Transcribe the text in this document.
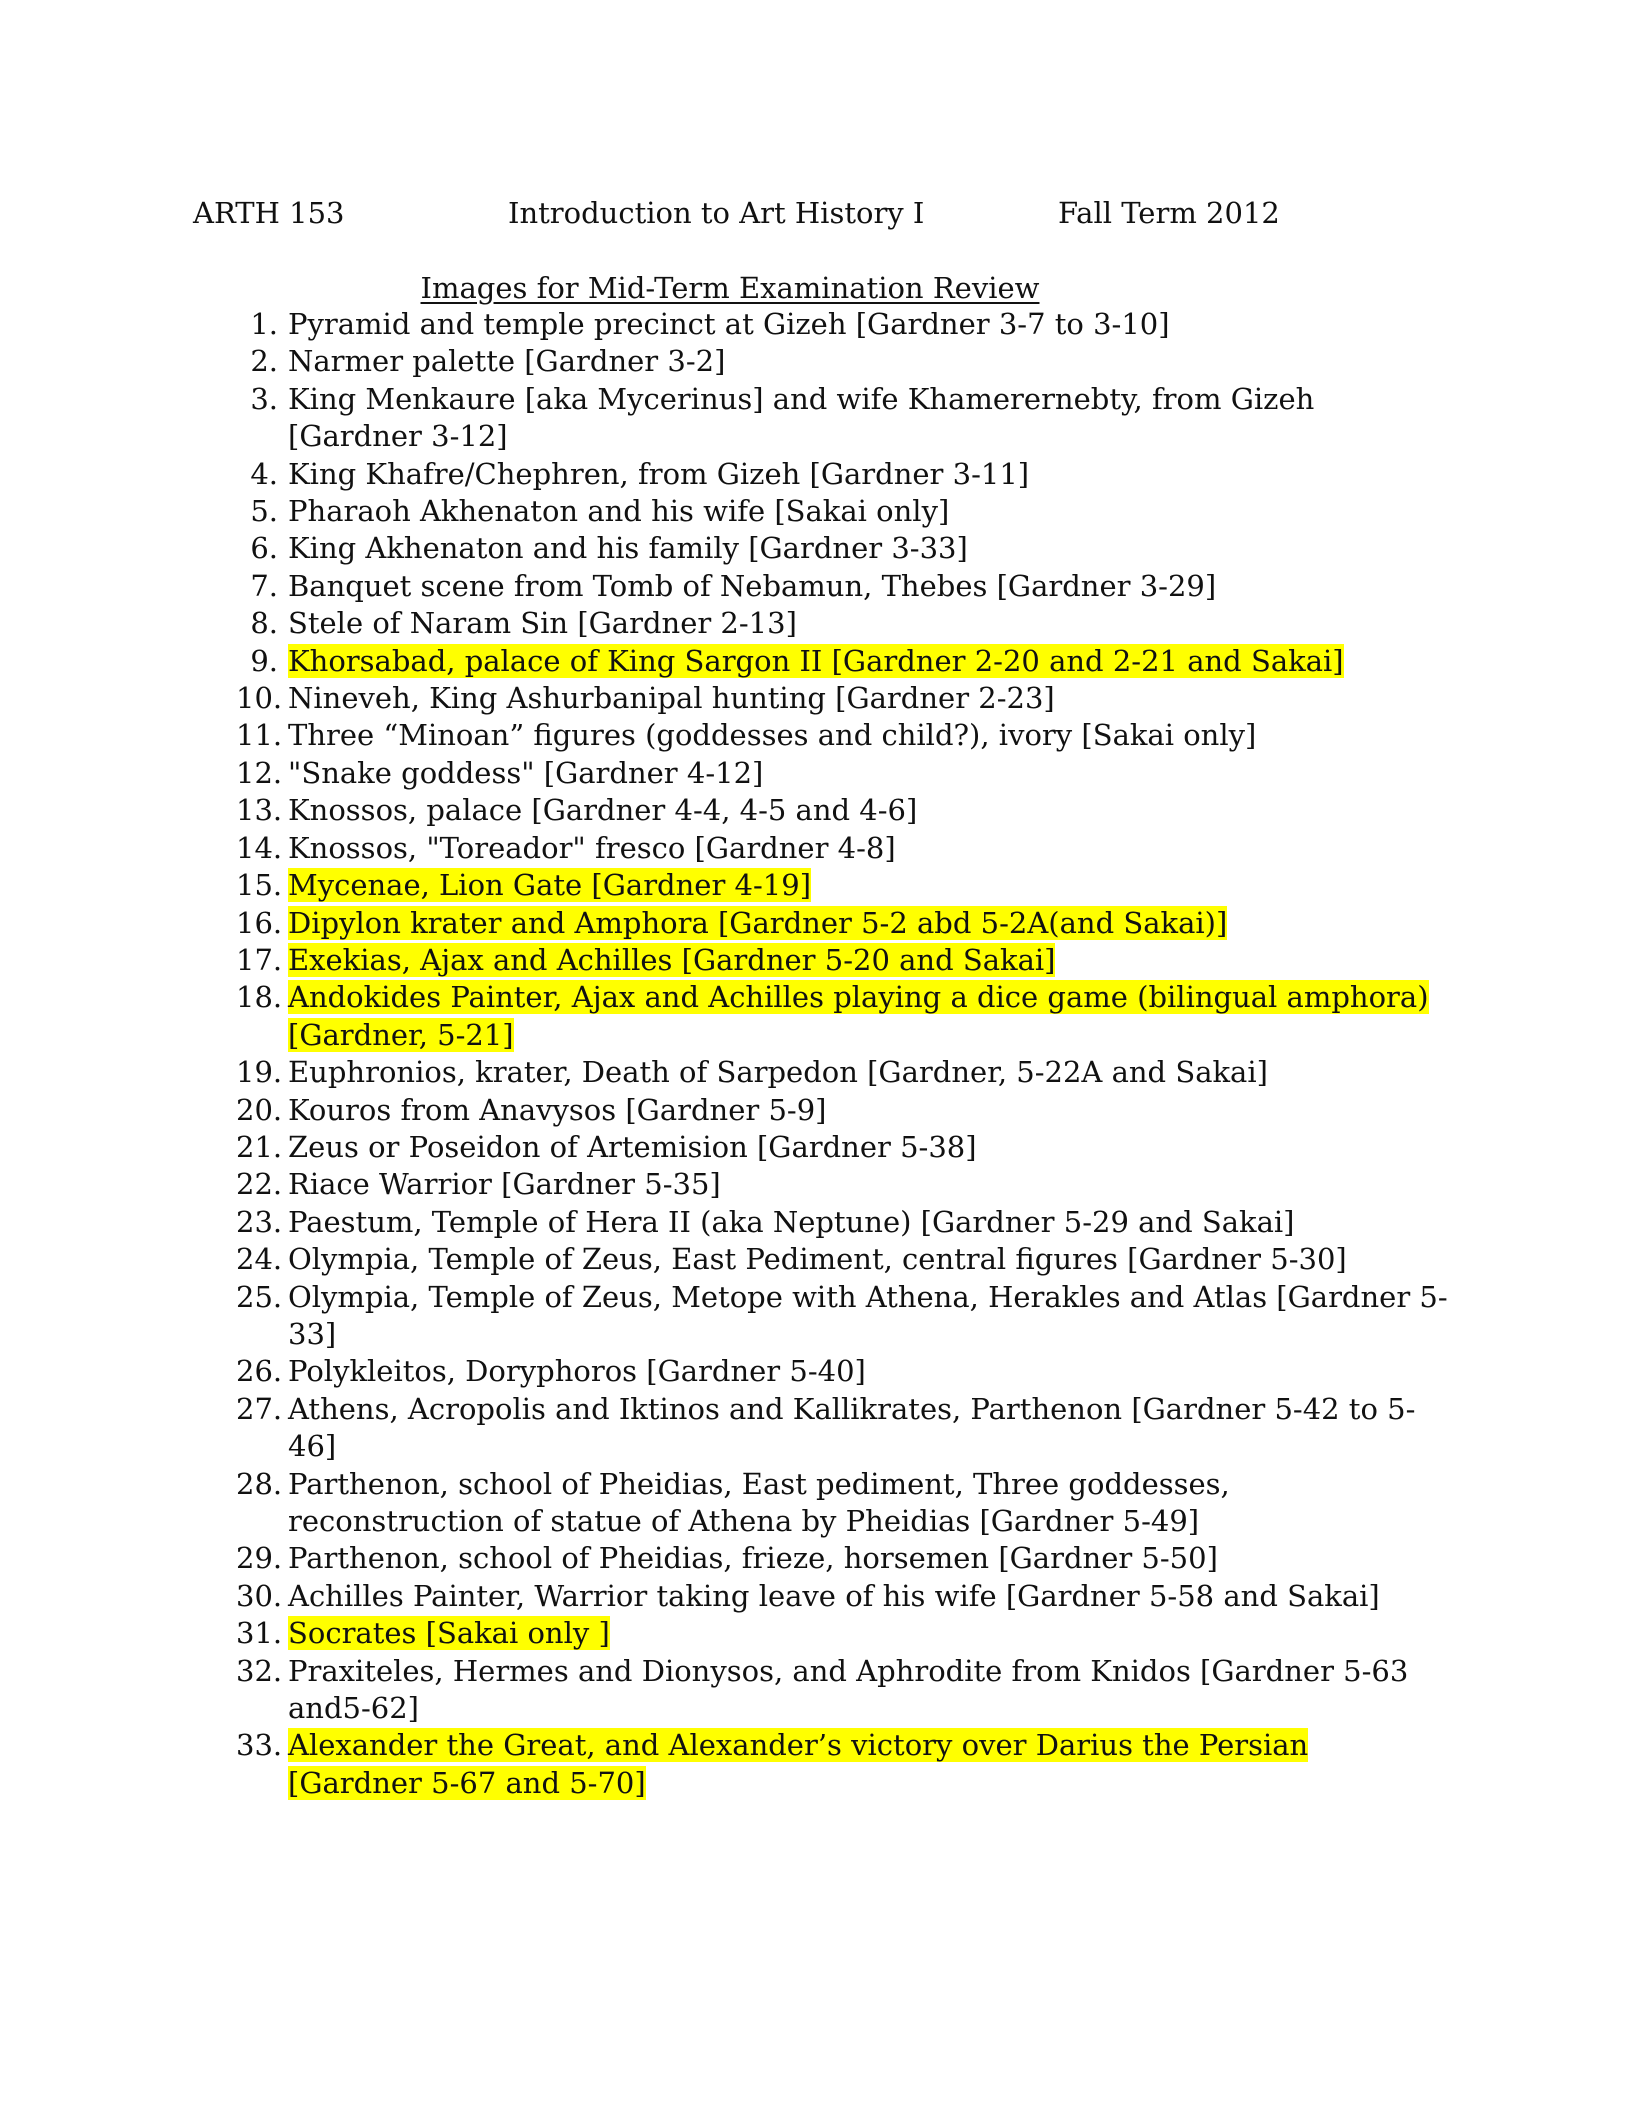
ARTH 153	Introduction to Art History I	Fall Term 2012
Images for Mid-Term Examination Review
1. Pyramid and temple precinct at Gizeh [Gardner 3-7 to 3-10]
2. Narmer palette [Gardner 3-2]
3. King Menkaure [aka Mycerinus] and wife Khamerernebty, from Gizeh [Gardner 3-12]
4. King Khafre/Chephren, from Gizeh [Gardner 3-11]
5. Pharaoh Akhenaton and his wife [Sakai only]
6. King Akhenaton and his family [Gardner 3-33]
7. Banquet scene from Tomb of Nebamun, Thebes [Gardner 3-29]
8. Stele of Naram Sin [Gardner 2-13]
9. Khorsabad, palace of King Sargon II [Gardner 2-20 and 2-21 and Sakai]
10. Nineveh, King Ashurbanipal hunting [Gardner 2-23]
11. Three “Minoan” figures (goddesses and child?), ivory [Sakai only]
12. "Snake goddess" [Gardner 4-12]
13. Knossos, palace [Gardner 4-4, 4-5 and 4-6]
14. Knossos, "Toreador" fresco [Gardner 4-8]
15. Mycenae, Lion Gate [Gardner 4-19]
16. Dipylon krater and Amphora [Gardner 5-2 abd 5-2A(and Sakai)]
17. Exekias, Ajax and Achilles [Gardner 5-20 and Sakai]
18. Andokides Painter, Ajax and Achilles playing a dice game (bilingual amphora) [Gardner, 5-21]
19. Euphronios, krater, Death of Sarpedon [Gardner, 5-22A and Sakai]
20. Kouros from Anavysos [Gardner 5-9]
21. Zeus or Poseidon of Artemision [Gardner 5-38]
22. Riace Warrior [Gardner 5-35]
23. Paestum, Temple of Hera II (aka Neptune) [Gardner 5-29 and Sakai]
24. Olympia, Temple of Zeus, East Pediment, central figures [Gardner 5-30]
25. Olympia, Temple of Zeus, Metope with Athena, Herakles and Atlas [Gardner 5-33]
26. Polykleitos, Doryphoros [Gardner 5-40]
27. Athens, Acropolis and Iktinos and Kallikrates, Parthenon [Gardner 5-42 to 5-46]
28. Parthenon, school of Pheidias, East pediment, Three goddesses, reconstruction of statue of Athena by Pheidias [Gardner 5-49]
29. Parthenon, school of Pheidias, frieze, horsemen [Gardner 5-50]
30. Achilles Painter, Warrior taking leave of his wife [Gardner 5-58 and Sakai]
31. Socrates [Sakai only ]
32. Praxiteles, Hermes and Dionysos, and Aphrodite from Knidos [Gardner 5-63 and5-62]
33. Alexander the Great, and Alexander’s victory over Darius the Persian [Gardner 5-67 and 5-70]
